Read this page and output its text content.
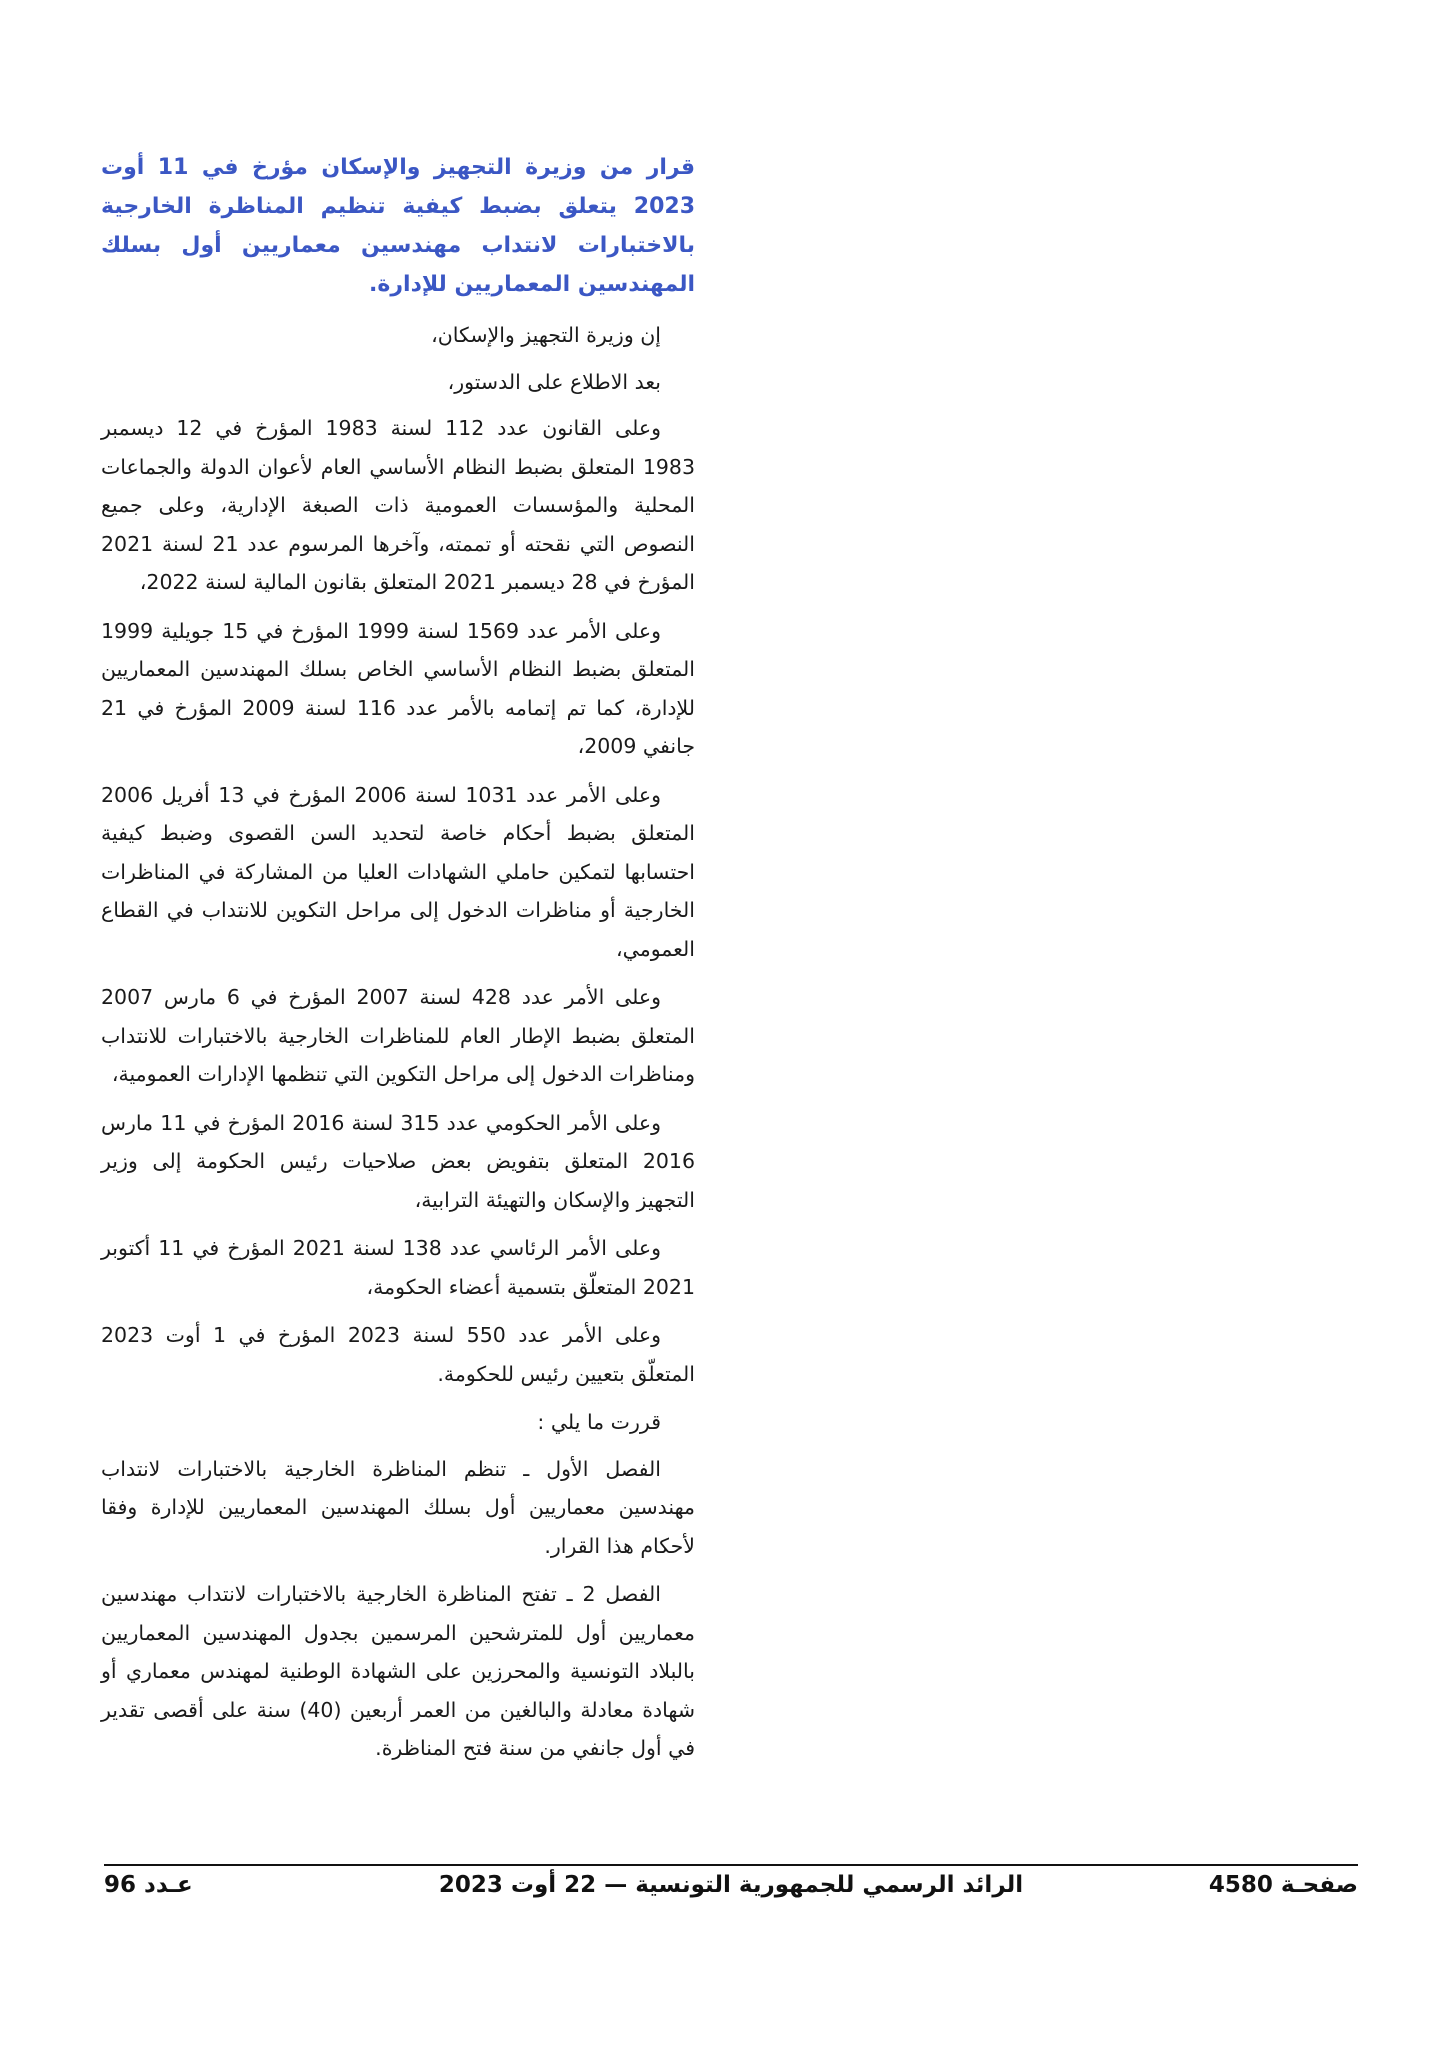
قرار من وزيرة التجهيز والإسكان مؤرخ في 11 أوت 2023 يتعلق بضبط كيفية تنظيم المناظرة الخارجية بالاختبارات لانتداب مهندسين معماريين أول بسلك المهندسين المعماريين للإدارة.

إن وزيرة التجهيز والإسكان،

بعد الاطلاع على الدستور،

وعلى القانون عدد 112 لسنة 1983 المؤرخ في 12 ديسمبر 1983 المتعلق بضبط النظام الأساسي العام لأعوان الدولة والجماعات المحلية والمؤسسات العمومية ذات الصبغة الإدارية، وعلى جميع النصوص التي نقحته أو تممته، وآخرها المرسوم عدد 21 لسنة 2021 المؤرخ في 28 ديسمبر 2021 المتعلق بقانون المالية لسنة 2022،

وعلى الأمر عدد 1569 لسنة 1999 المؤرخ في 15 جويلية 1999 المتعلق بضبط النظام الأساسي الخاص بسلك المهندسين المعماريين للإدارة، كما تم إتمامه بالأمر عدد 116 لسنة 2009 المؤرخ في 21 جانفي 2009،

وعلى الأمر عدد 1031 لسنة 2006 المؤرخ في 13 أفريل 2006 المتعلق بضبط أحكام خاصة لتحديد السن القصوى وضبط كيفية احتسابها لتمكين حاملي الشهادات العليا من المشاركة في المناظرات الخارجية أو مناظرات الدخول إلى مراحل التكوين للانتداب في القطاع العمومي،

وعلى الأمر عدد 428 لسنة 2007 المؤرخ في 6 مارس 2007 المتعلق بضبط الإطار العام للمناظرات الخارجية بالاختبارات للانتداب ومناظرات الدخول إلى مراحل التكوين التي تنظمها الإدارات العمومية،

وعلى الأمر الحكومي عدد 315 لسنة 2016 المؤرخ في 11 مارس 2016 المتعلق بتفويض بعض صلاحيات رئيس الحكومة إلى وزير التجهيز والإسكان والتهيئة الترابية،

وعلى الأمر الرئاسي عدد 138 لسنة 2021 المؤرخ في 11 أكتوبر 2021 المتعلّق بتسمية أعضاء الحكومة،

وعلى الأمر عدد 550 لسنة 2023 المؤرخ في 1 أوت 2023 المتعلّق بتعيين رئيس للحكومة.

قررت ما يلي :

الفصل الأول ـ تنظم المناظرة الخارجية بالاختبارات لانتداب مهندسين معماريين أول بسلك المهندسين المعماريين للإدارة وفقا لأحكام هذا القرار.

الفصل 2 ـ تفتح المناظرة الخارجية بالاختبارات لانتداب مهندسين معماريين أول للمترشحين المرسمين بجدول المهندسين المعماريين بالبلاد التونسية والمحرزين على الشهادة الوطنية لمهندس معماري أو شهادة معادلة والبالغين من العمر أربعين (40) سنة على أقصى تقدير في أول جانفي من سنة فتح المناظرة.

صفحـة 4580
الرائد الرسمي للجمهورية التونسية — 22 أوت 2023
عـدد 96
